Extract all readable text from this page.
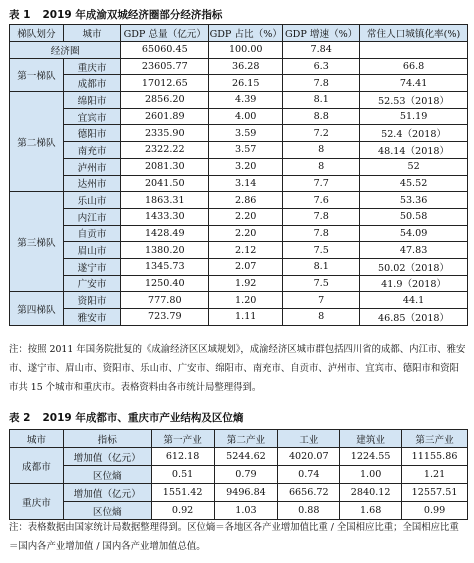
表 1 2019 年成渝双城经济圈部分经济指标
梯队划分	城市	GDP 总量（亿元）	GDP 占比（%）	GDP 增速（%）	常住人口城镇化率(%)
经济圈		65060.45	100.00	7.84	
第一梯队	重庆市	23605.77	36.28	6.3	66.8
	成都市	17012.65	26.15	7.8	74.41
第二梯队	绵阳市	2856.20	4.39	8.1	52.53（2018）
	宜宾市	2601.89	4.00	8.8	51.19
	德阳市	2335.90	3.59	7.2	52.4（2018）
	南充市	2322.22	3.57	8	48.14（2018）
	泸州市	2081.30	3.20	8	52
	达州市	2041.50	3.14	7.7	45.52
第三梯队	乐山市	1863.31	2.86	7.6	53.36
	内江市	1433.30	2.20	7.8	50.58
	自贡市	1428.49	2.20	7.8	54.09
	眉山市	1380.20	2.12	7.5	47.83
	遂宁市	1345.73	2.07	8.1	50.02（2018）
	广安市	1250.40	1.92	7.5	41.9（2018）
第四梯队	资阳市	777.80	1.20	7	44.1
	雅安市	723.79	1.11	8	46.85（2018）
注：按照 2011 年国务院批复的《成渝经济区区域规划》，成渝经济区城市群包括四川省的成都、内江市、雅安市、遂宁市、眉山市、资阳市、乐山市、广安市、绵阳市、南充市、自贡市、泸州市、宜宾市、德阳市和资阳市共 15 个城市和重庆市。表格资料由各市统计局整理得到。
表 2 2019 年成都市、重庆市产业结构及区位熵
城市	指标	第一产业	第二产业	工业	建筑业	第三产业
成都市	增加值（亿元）	612.18	5244.62	4020.07	1224.55	11155.86
	区位熵	0.51	0.79	0.74	1.00	1.21
重庆市	增加值（亿元）	1551.42	9496.84	6656.72	2840.12	12557.51
	区位熵	0.92	1.03	0.88	1.68	0.99
注：表格数据由国家统计局数据整理得到。区位熵＝各地区各产业增加值比重 / 全国相应比重；全国相应比重＝国内各产业增加值 / 国内各产业增加值总值。
